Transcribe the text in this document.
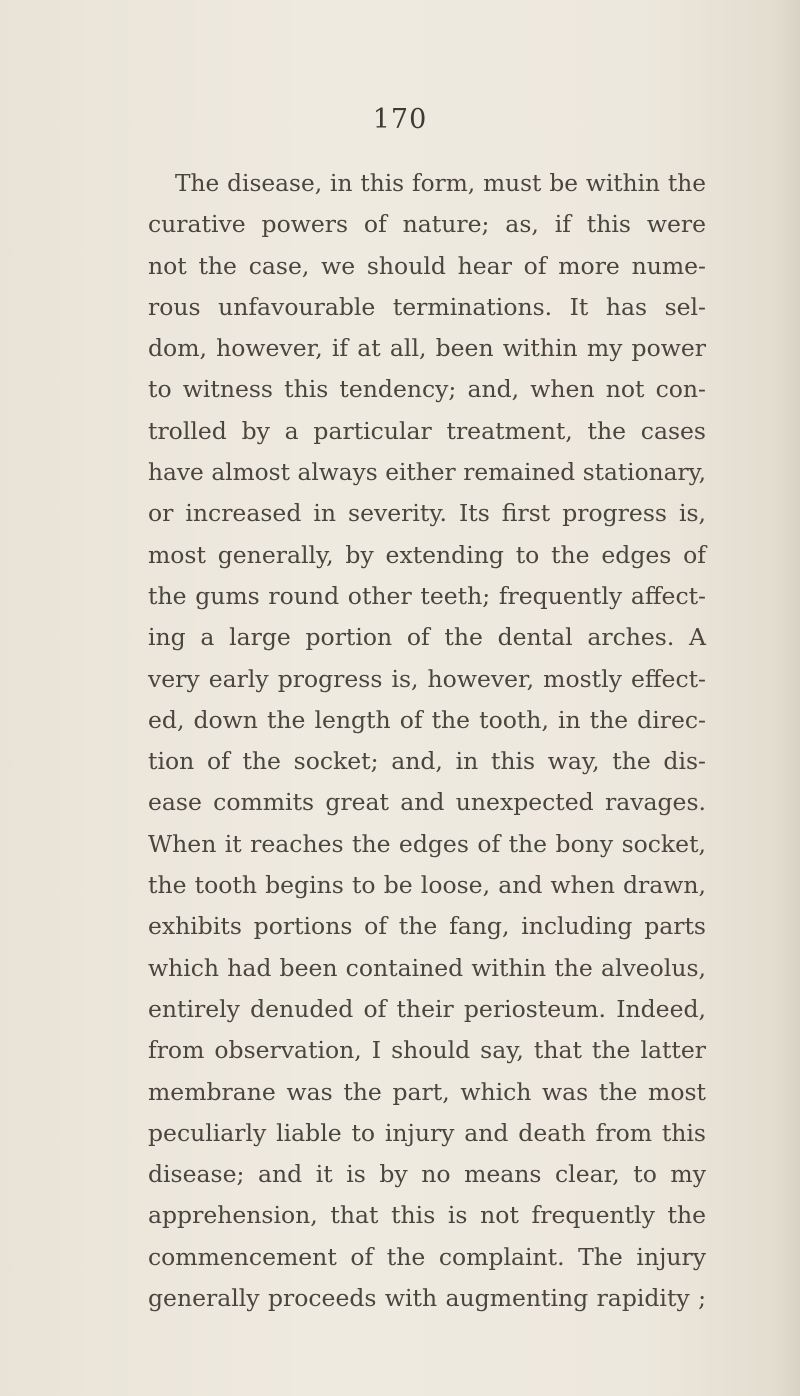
170
The disease, in this form, must be within the
curative powers of nature; as, if this were
not the case, we should hear of more nume-
rous unfavourable terminations. It has sel-
dom, however, if at all, been within my power
to witness this tendency; and, when not con-
trolled by a particular treatment, the cases
have almost always either remained stationary,
or increased in severity. Its first progress is,
most generally, by extending to the edges of
the gums round other teeth; frequently affect-
ing a large portion of the dental arches. A
very early progress is, however, mostly effect-
ed, down the length of the tooth, in the direc-
tion of the socket; and, in this way, the dis-
ease commits great and unexpected ravages.
When it reaches the edges of the bony socket,
the tooth begins to be loose, and when drawn,
exhibits portions of the fang, including parts
which had been contained within the alveolus,
entirely denuded of their periosteum. Indeed,
from observation, I should say, that the latter
membrane was the part, which was the most
peculiarly liable to injury and death from this
disease; and it is by no means clear, to my
apprehension, that this is not frequently the
commencement of the complaint. The injury
generally proceeds with augmenting rapidity ;
